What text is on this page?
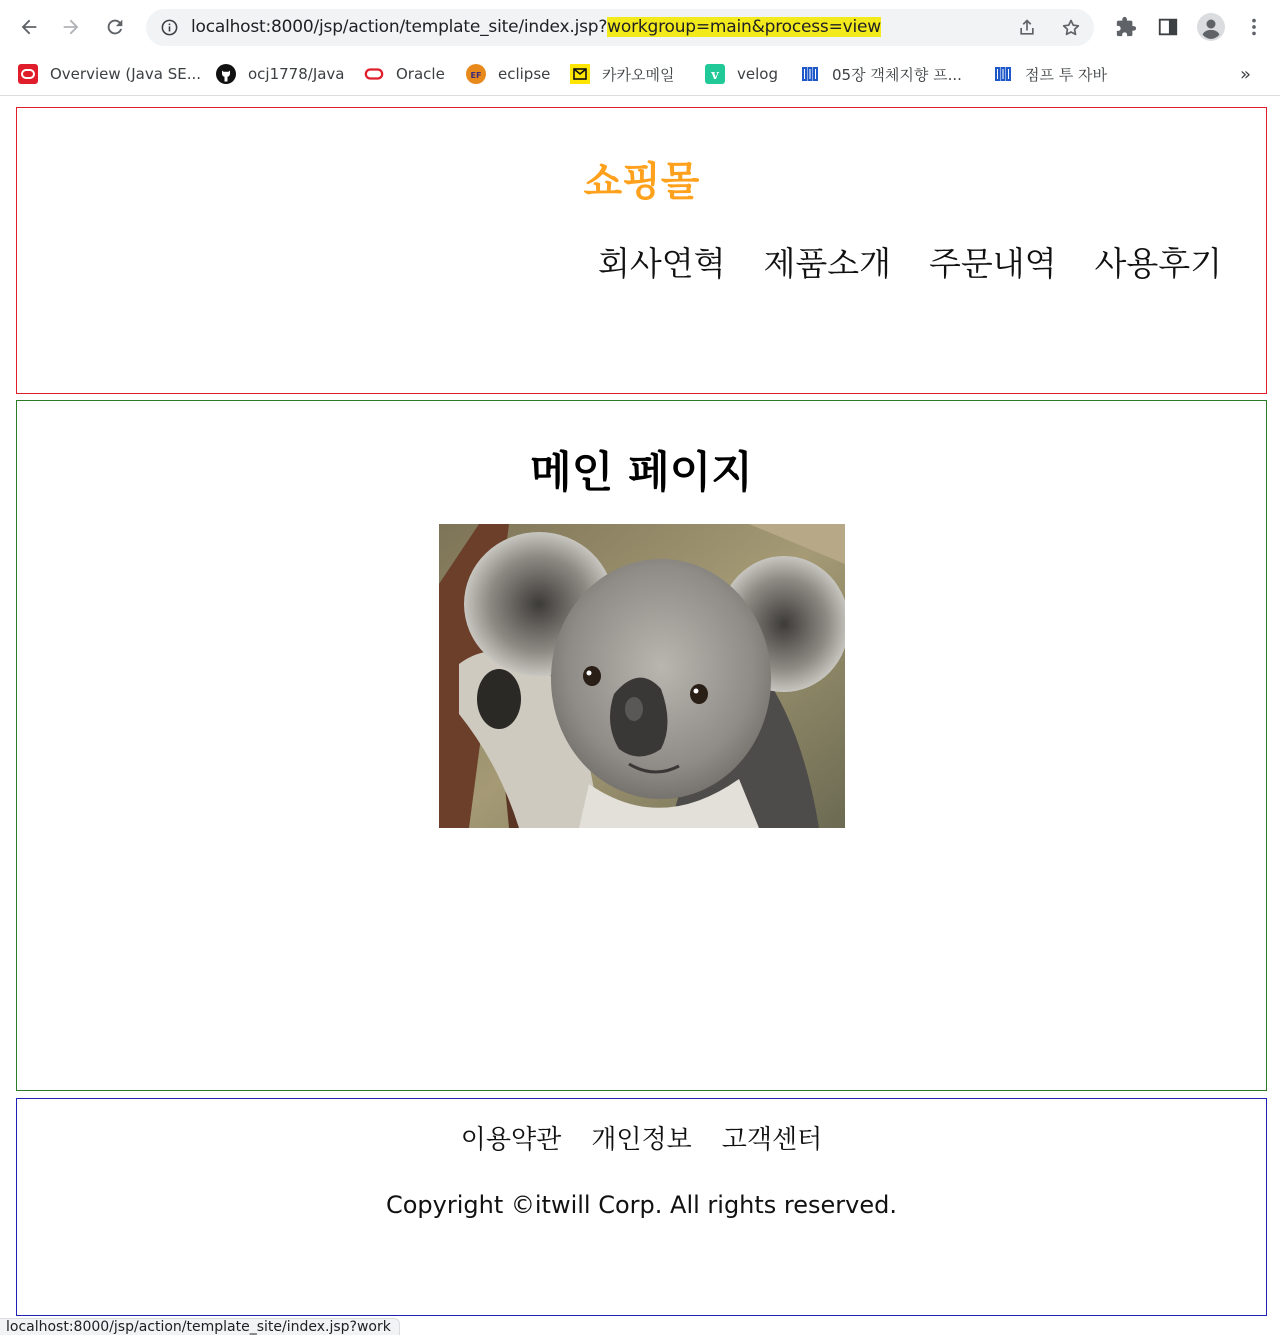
localhost:8000/jsp/action/template_site/index.jsp?workgroup=main&process=view
Overview (Java SE...	ocj1778/Java	Oracle	EF eclipse	카카오메일	v velog	05장 객체지향 프...	점프 투 자바	»
쇼핑몰
회사연혁 제품소개 주문내역 사용후기
메인 페이지
이용약관 개인정보 고객센터
Copyright ©itwill Corp. All rights reserved.
localhost:8000/jsp/action/template_site/index.jsp?work
